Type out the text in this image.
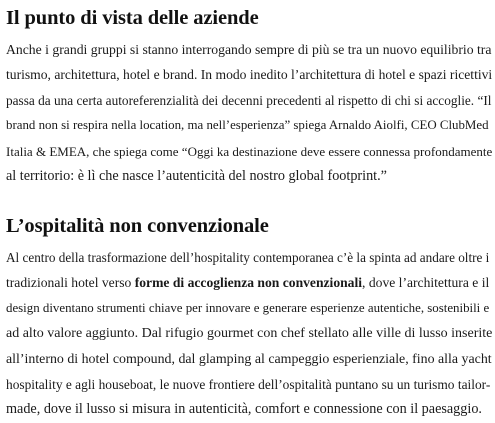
Il punto di vista delle aziende
Anche i grandi gruppi si stanno interrogando sempre di più se tra un nuovo equilibrio tra
turismo, architettura, hotel e brand. In modo inedito l’architettura di hotel e spazi ricettivi
passa da una certa autoreferenzialità dei decenni precedenti al rispetto di chi si accoglie. “Il
brand non si respira nella location, ma nell’esperienza” spiega Arnaldo Aiolfi, CEO ClubMed
Italia & EMEA, che spiega come “Oggi ka destinazione deve essere connessa profondamente
al territorio: è lì che nasce l’autenticità del nostro global footprint.”
L’ospitalità non convenzionale
Al centro della trasformazione dell’hospitality contemporanea c’è la spinta ad andare oltre i
tradizionali hotel verso forme di accoglienza non convenzionali, dove l’architettura e il
design diventano strumenti chiave per innovare e generare esperienze autentiche, sostenibili e
ad alto valore aggiunto. Dal rifugio gourmet con chef stellato alle ville di lusso inserite
all’interno di hotel compound, dal glamping al campeggio esperienziale, fino alla yacht
hospitality e agli houseboat, le nuove frontiere dell’ospitalità puntano su un turismo tailor-
made, dove il lusso si misura in autenticità, comfort e connessione con il paesaggio.
